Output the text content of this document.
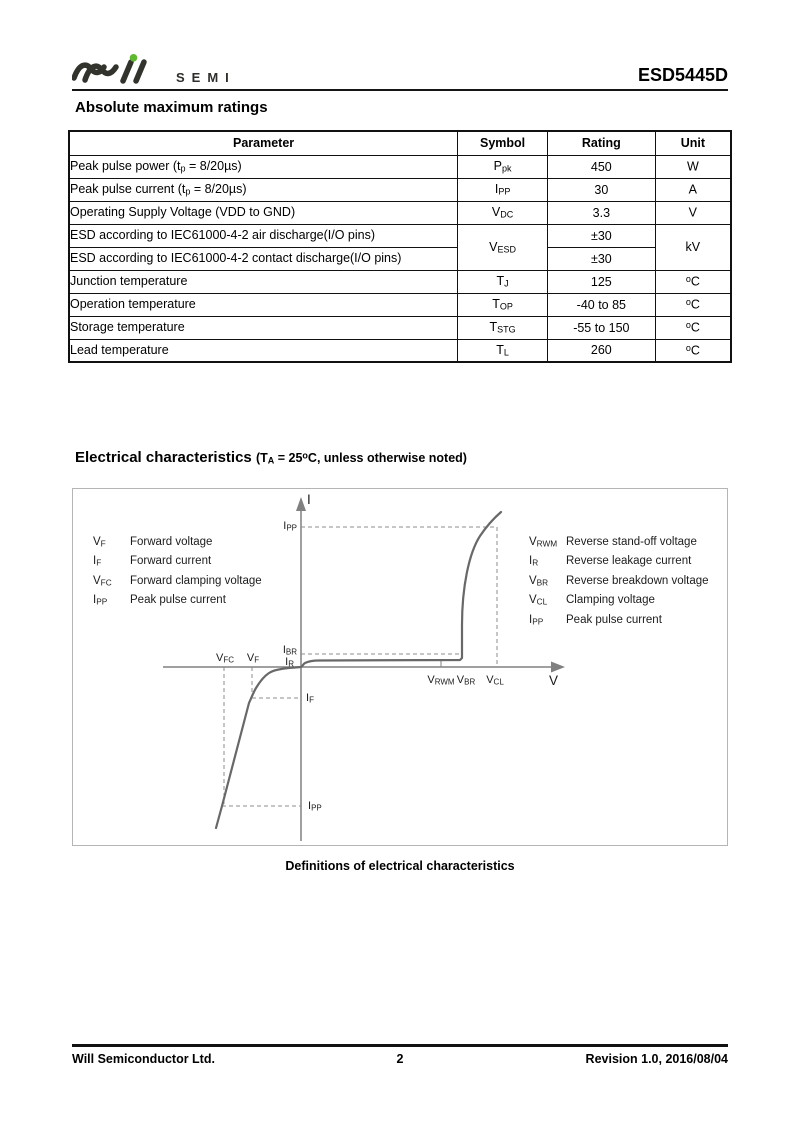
SEMI	ESD5445D
Absolute maximum ratings
Parameter	Symbol	Rating	Unit
Peak pulse power (tp = 8/20µs)	Ppk	450	W
Peak pulse current (tp = 8/20µs)	IPP	30	A
Operating Supply Voltage (VDD to GND)	VDC	3.3	V
ESD according to IEC61000-4-2 air discharge(I/O pins)	VESD	±30	kV
ESD according to IEC61000-4-2 contact discharge(I/O pins)		±30	
Junction temperature	TJ	125	$^o$C
Operation temperature	TOP	-40 to 85	$^o$C
Storage temperature	TSTG	-55 to 150	$^o$C
Lead temperature	TL	260	$^o$C
Electrical characteristics ($TA = 25^oC$, unless otherwise noted)
I
V
IPP
IBR
IR
IF
IPP
VFC VF
VRWM VBR VCL
VF	Forward voltage
IF	Forward current
VFC	Forward clamping voltage
IPP	Peak pulse current
VRWM Reverse stand-off voltage
IR	Reverse leakage current
VBR	Reverse breakdown voltage
VCL	Clamping voltage
IPP	Peak pulse current
Definitions of electrical characteristics
Will Semiconductor Ltd.	2	Revision 1.0, 2016/08/04
